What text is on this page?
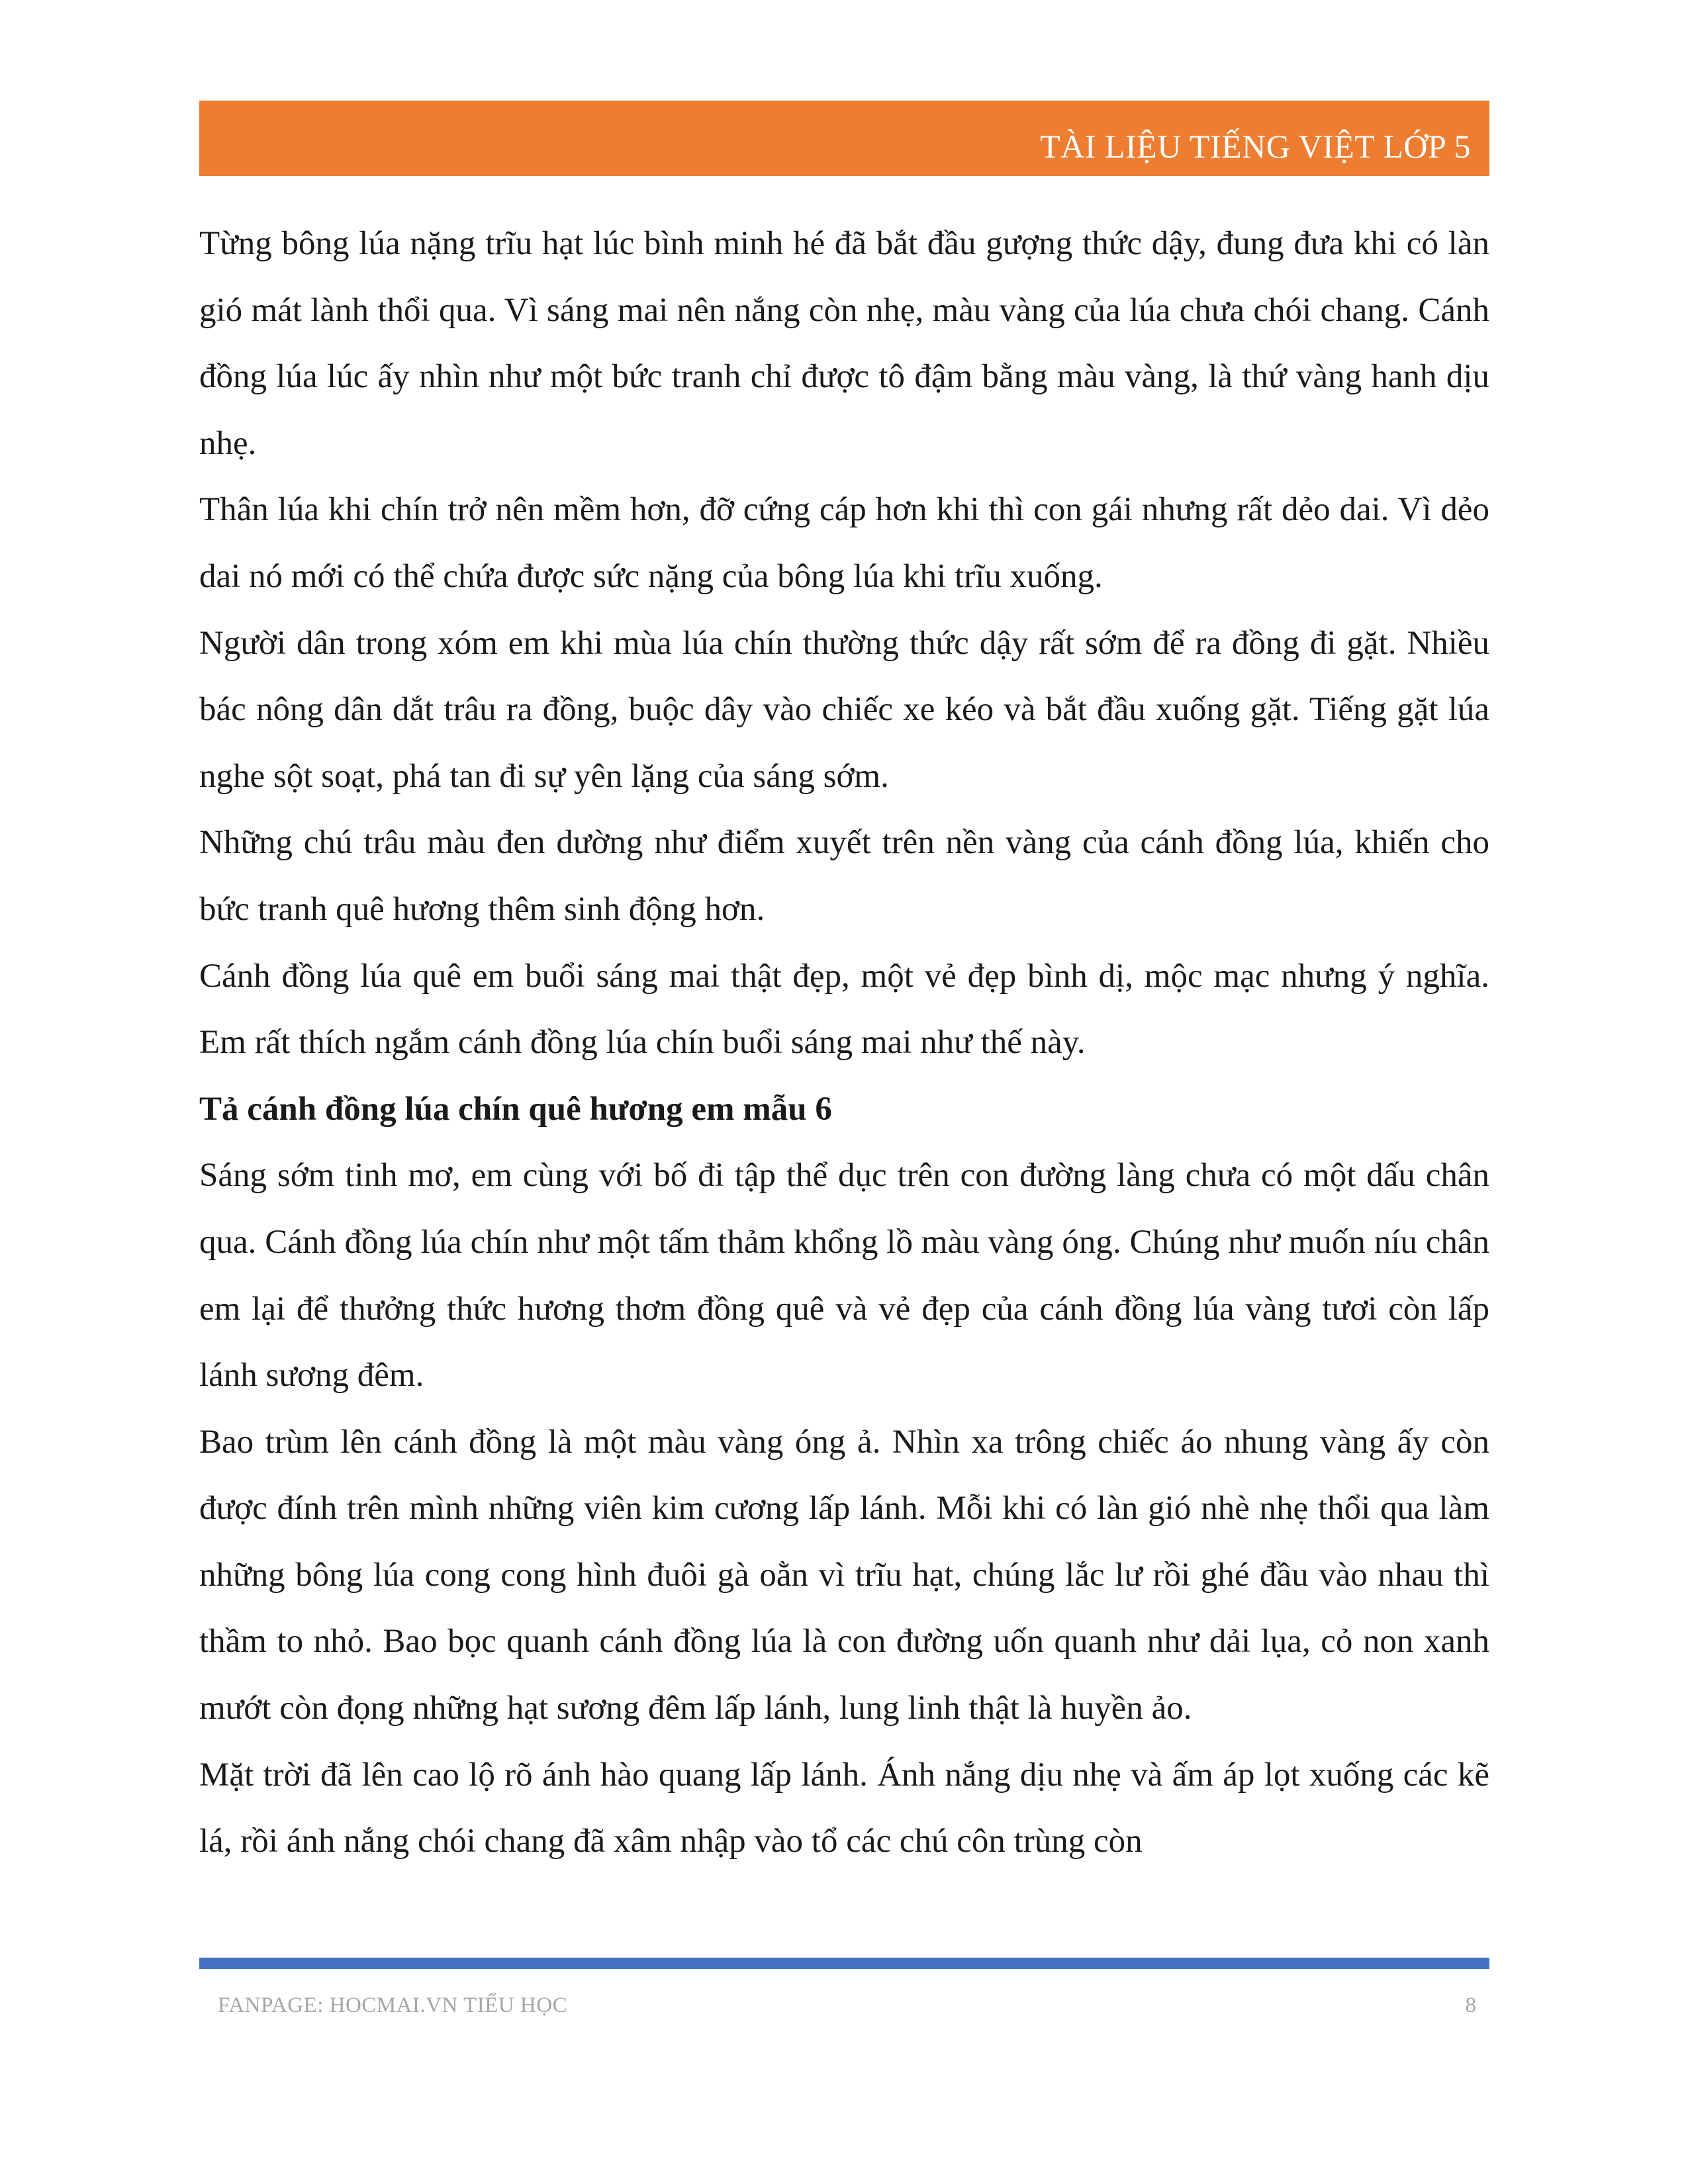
TÀI LIỆU TIẾNG VIỆT LỚP 5

Từng bông lúa nặng trĩu hạt lúc bình minh hé đã bắt đầu gượng thức dậy, đung đưa khi có làn gió mát lành thổi qua. Vì sáng mai nên nắng còn nhẹ, màu vàng của lúa chưa chói chang. Cánh đồng lúa lúc ấy nhìn như một bức tranh chỉ được tô đậm bằng màu vàng, là thứ vàng hanh dịu nhẹ.

Thân lúa khi chín trở nên mềm hơn, đỡ cứng cáp hơn khi thì con gái nhưng rất dẻo dai. Vì dẻo dai nó mới có thể chứa được sức nặng của bông lúa khi trĩu xuống.

Người dân trong xóm em khi mùa lúa chín thường thức dậy rất sớm để ra đồng đi gặt. Nhiều bác nông dân dắt trâu ra đồng, buộc dây vào chiếc xe kéo và bắt đầu xuống gặt. Tiếng gặt lúa nghe sột soạt, phá tan đi sự yên lặng của sáng sớm.

Những chú trâu màu đen dường như điểm xuyết trên nền vàng của cánh đồng lúa, khiến cho bức tranh quê hương thêm sinh động hơn.

Cánh đồng lúa quê em buổi sáng mai thật đẹp, một vẻ đẹp bình dị, mộc mạc nhưng ý nghĩa. Em rất thích ngắm cánh đồng lúa chín buổi sáng mai như thế này.

Tả cánh đồng lúa chín quê hương em mẫu 6

Sáng sớm tinh mơ, em cùng với bố đi tập thể dục trên con đường làng chưa có một dấu chân qua. Cánh đồng lúa chín như một tấm thảm khổng lồ màu vàng óng. Chúng như muốn níu chân em lại để thưởng thức hương thơm đồng quê và vẻ đẹp của cánh đồng lúa vàng tươi còn lấp lánh sương đêm.

Bao trùm lên cánh đồng là một màu vàng óng ả. Nhìn xa trông chiếc áo nhung vàng ấy còn được đính trên mình những viên kim cương lấp lánh. Mỗi khi có làn gió nhè nhẹ thổi qua làm những bông lúa cong cong hình đuôi gà oằn vì trĩu hạt, chúng lắc lư rồi ghé đầu vào nhau thì thầm to nhỏ. Bao bọc quanh cánh đồng lúa là con đường uốn quanh như dải lụa, cỏ non xanh mướt còn đọng những hạt sương đêm lấp lánh, lung linh thật là huyền ảo.

Mặt trời đã lên cao lộ rõ ánh hào quang lấp lánh. Ánh nắng dịu nhẹ và ấm áp lọt xuống các kẽ lá, rồi ánh nắng chói chang đã xâm nhập vào tổ các chú côn trùng còn

FANPAGE: HOCMAI.VN TIỂU HỌC	8
